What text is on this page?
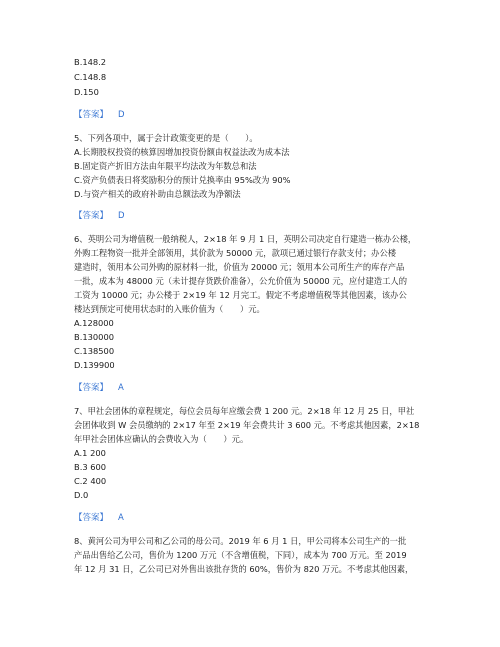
B.148.2
C.148.8
D.150
【答案】 D
5、下列各项中，属于会计政策变更的是（　　）。
A.长期股权投资的核算因增加投资份额由权益法改为成本法
B.固定资产折旧方法由年限平均法改为年数总和法
C.资产负债表日将奖励积分的预计兑换率由 95%改为 90%
D.与资产相关的政府补助由总额法改为净额法
【答案】 D
6、英明公司为增值税一般纳税人，2×18 年 9 月 1 日，英明公司决定自行建造一栋办公楼，
外购工程物资一批并全部领用，其价款为 50000 元，款项已通过银行存款支付；办公楼
建造时，领用本公司外购的原材料一批，价值为 20000 元；领用本公司所生产的库存产品
一批，成本为 48000 元（未计提存货跌价准备），公允价值为 50000 元，应付建造工人的
工资为 10000 元；办公楼于 2×19 年 12 月完工。假定不考虑增值税等其他因素，该办公
楼达到预定可使用状态时的入账价值为（　　）元。
A.128000
B.130000
C.138500
D.139900
【答案】 A
7、甲社会团体的章程规定，每位会员每年应缴会费 1 200 元。2×18 年 12 月 25 日，甲社
会团体收到 W 会员缴纳的 2×17 年至 2×19 年会费共计 3 600 元。不考虑其他因素，2×18
年甲社会团体应确认的会费收入为（　　）元。
A.1 200
B.3 600
C.2 400
D.0
【答案】 A
8、黄河公司为甲公司和乙公司的母公司。2019 年 6 月 1 日，甲公司将本公司生产的一批
产品出售给乙公司，售价为 1200 万元（不含增值税，下同），成本为 700 万元。至 2019
年 12 月 31 日，乙公司已对外售出该批存货的 60%，售价为 820 万元。不考虑其他因素，
